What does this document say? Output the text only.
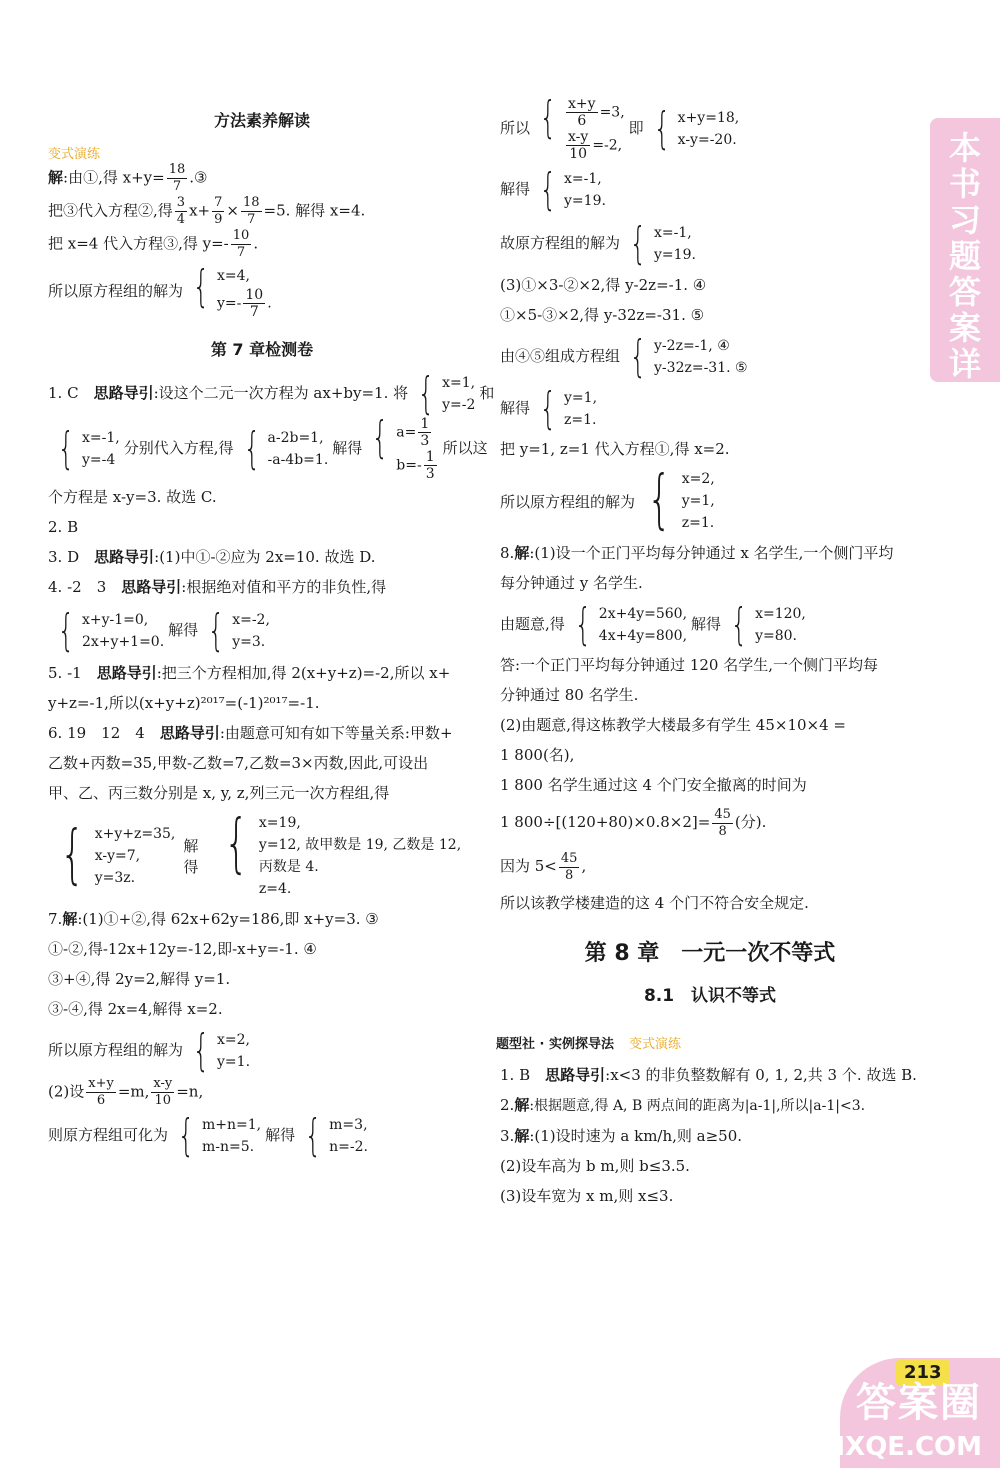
方法素养解读
变式演练

解:由①,得 $x+y= \frac{18}{7}$ .③

把③代入方程②,得 $\frac{3}{4} x+ \frac{7}{9} \times \frac{18}{7} =5$. 解得 x=4.

把 x=4 代入方程③,得 $y=- \frac{10}{7}$ .

所以原方程组的解为 { x=4,
$y=- \frac{10}{7}$ .

第 7 章检测卷

1. C　 思路导引:设这个二元一次方程为 ax+by=1. 将 { x=1,
y=-2
和

{ x=-1,
y=-4
分别代入方程,得 { a-2b=1,
-a-4b=1.
解得 { $a= \frac{1}{3}$
$b=- \frac{1}{3}$
所以这

个方程是 x-y=3. 故选 C.

2. B

3. D　 思路导引:(1)中①-②应为 2x=10. 故选 D.

4. -2　3　 思路导引:根据绝对值和平方的非负性,得

{ x+y-1=0,
2x+y+1=0.
解得 { x=-2,
y=3.

5. -1　 思路导引:把三个方程相加,得 2(x+y+z)=-2,所以 x+

y+z=-1,所以(x+y+z)²⁰¹⁷=(-1)²⁰¹⁷=-1.

6. 19　12　4　 思路导引:由题意可知有如下等量关系:甲数+

乙数+丙数=35,甲数-乙数=7,乙数=3×丙数,因此,可设出

甲、乙、丙三数分别是 x, y, z,列三元一次方程组,得

{ x+y+z=35,
x-y=7,
y=3z.
解得 { x=19,
y=12, 故甲数是 19, 乙数是 12, 丙数是 4.
z=4.

7.解:(1)①+②,得 62x+62y=186,即 x+y=3. ③

①-②,得-12x+12y=-12,即-x+y=-1. ④

③+④,得 2y=2,解得 y=1.

③-④,得 2x=4,解得 x=2.

所以原方程组的解为 { x=2,
y=1.

(2)设 $\frac{x+y}{6} =m$, $\frac{x-y}{10} =n$,

则原方程组可化为 { m+n=1,
m-n=5.
解得 { m=3,
n=-2.

所以 { $\frac{x+y}{6} =3$,
$\frac{x-y}{10} =-2$,
即 { x+y=18,
x-y=-20.

解得 { x=-1,
y=19.

故原方程组的解为 { x=-1,
y=19.

(3)①×3-②×2,得 y-2z=-1. ④

①×5-③×2,得 y-32z=-31. ⑤

由④⑤组成方程组 { y-2z=-1, ④
y-32z=-31. ⑤

解得 { y=1,
z=1.

把 y=1, z=1 代入方程①,得 x=2.

所以原方程组的解为 { x=2,
y=1,
z=1.

8.解:(1)设一个正门平均每分钟通过 x 名学生,一个侧门平均

每分钟通过 y 名学生.

由题意,得 { 2x+4y=560,
4x+4y=800,
解得 { x=120,
y=80.

答:一个正门平均每分钟通过 120 名学生,一个侧门平均每

分钟通过 80 名学生.

(2)由题意,得这栋教学大楼最多有学生 45×10×4 =

1 800(名),

1 800 名学生通过这 4 个门安全撤离的时间为

1 $800\div[(120+80)\times 0.8\times 2]= \frac{45}{8}$ (分).

因为 $5< \frac{45}{8}$ ,

所以该教学楼建造的这 4 个门不符合安全规定.

第 8 章　一元一次不等式
8.1　认识不等式

题型社 · 实例探导法　 变式演练

1. B　 思路导引:x<3 的非负整数解有 0, 1, 2,共 3 个. 故选 B.

2.解:根据题意,得 A, B 两点间的距离为|a-1|,所以|a-1|<3.

3.解:(1)设时速为 a km/h,则 a≥50.

(2)设车高为 b m,则 b≤3.5.

(3)设车宽为 x m,则 x≤3.

本书习题答案详解
213
答案圈
MXQE.COM
